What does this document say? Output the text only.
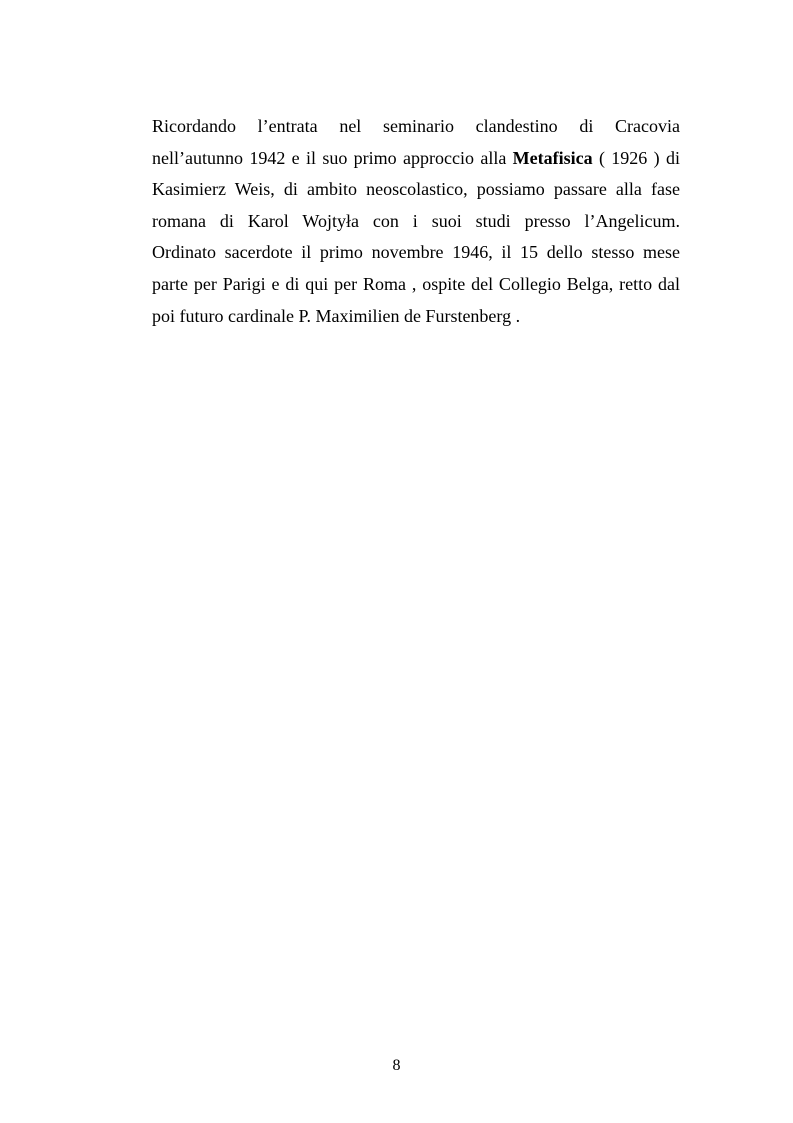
Ricordando l’entrata nel seminario clandestino di Cracovia
nell’autunno 1942 e il suo primo approccio alla Metafisica ( 1926 ) di
Kasimierz Weis, di ambito neoscolastico, possiamo passare alla fase
romana di Karol Wojtyła con i suoi studi presso l’Angelicum.
Ordinato sacerdote il primo novembre 1946, il 15 dello stesso mese
parte per Parigi e di qui per Roma , ospite del Collegio Belga, retto dal
poi futuro cardinale P. Maximilien de Furstenberg .
8
